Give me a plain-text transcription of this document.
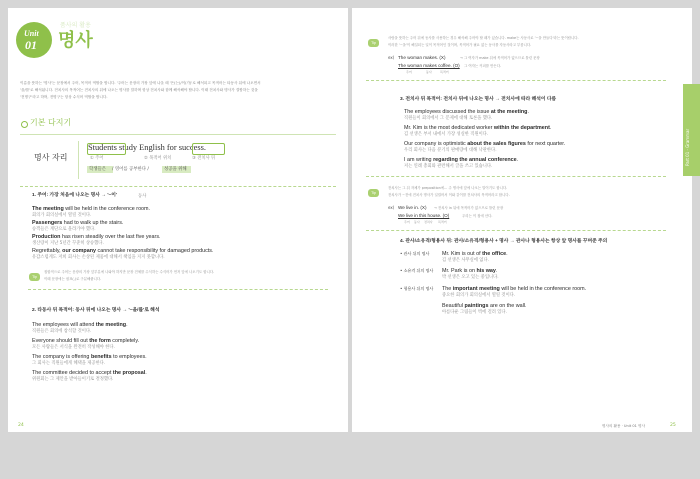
Unit
01
품사의 활용
명사
이름을 뜻하는 '명사'는 문장에서 주어, 목적어 역할을 합니다. '주어는 문장의 가장 앞에 나올 때 '은(는)/이(가)'로 해석되고 목적어는 타동사 뒤에 나오면서
'을/를'로 해석됩니다. 전치사의 목적어는 전치사의 뒤에 나오는 명사를 말하며 항상 전치사와 함께 해석해야 합니다. 이때 전치사와 명사가 결합하는 것을
'전명구'라고 하며, 전명구는 항상 수식어 역할을 합니다.
기본 다지기
명사 자리
Students study English for success.
① 주어	② 목적어 위치	③ 전치사 뒤
학생들은 / 영어를 공부한다 /	성공을 위해
1. 주어: 가장 처음에 나오는 명사 → '~이'	동사
The meeting will be held in the conference room.
회의가 회의실에서 열릴 것이다.
Passengers had to walk up the stairs.
승객들은 계단으로 올라가야 했다.
Production has risen steadily over the last five years.
생산량이 지난 5년간 꾸준히 상승했다.
Regrettably, our company cannot take responsibility for damaged products.
유감스럽게도 저희 회사는 손상된 제품에 대해서 책임을 지지 못합니다.
Tip
집합적으로 주어는 문장의 가장 앞부분에 나와야 하지만 문장 전체를 수식하는 수식어가 먼저 앞에 나오기도 합니다.
이때 문장에는 쉼표(,)로 구분해줍니다.
2. 타동사 뒤 목적어: 동사 뒤에 나오는 명사 → '~을/를'로 해석
The employees will attend the meeting.
직원들은 회의에 참석할 것이다.
Everyone should fill out the form completely.
모든 사람들은 서식을 완전히 작성해야 한다.
The company is offering benefits to employees.
그 회사는 직원들에게 혜택을 제공한다.
The committee decided to accept the proposal.
위원회는 그 제안을 받아들이기로 결정했다.
24
Tip
사람을 뜻하는 주어 뒤에 동사를 사용하는 경우 해석해 주어야 할 때가 있습니다. make는 사동사로 '~을 만들다'라는 뜻이랍니다.
이러한 '~을'이 해설되는 일이 목적어인 것이며, 목적어가 필요 없는 동사를 자동사라고 부릅니다.
ex) The woman makes. (X)	→ 그 여자가 make 뒤에 목적어가 없으므로 틀린 문장
The woman makes coffee. (O) 그 여자는 커피를 만든다.
주어	동사	목적어
3. 전치사 뒤 목적어: 전치사 뒤에 나오는 명사 → 전치사에 따라 해석이 다름
The employees discussed the issue at the meeting.
직원들이 회의에서 그 문제에 대해 토론을 했다.
Mr. Kim is the most dedicated worker within the department.
김 선생은 부서 내에서 가장 성실한 직원이다.
Our company is optimistic about the sales figures for next quarter.
우리 회사는 다음 분기의 판매량에 대해 낙관한다.
I am writing regarding the annual conference.
저는 연례 총회와 관련해서 글을 쓰고 있습니다.
Tip
전치사는 그 뒤 자체가 preposition에... 주 명사에 앞에 나오는 말이기도 합니다.
전치사가 ~전에 전치사 명사가 일컬어서 이와 같이를 전치사의 목적어라고 합니다.
ex) We live in. (X) → 전치사 in 뒤에 목적어가 없으므로 틀린 문장
We live in this house. (O)	우리는 이 집에 산다.
주어 동사 전치사 목적어
4. 관사/소유격/형용사 뒤: 관사/소유격/형용사 + 명사 → 관사나 형용사는 항상 앞 명사를 꾸며준 주의
• 관사 뒤의 명사 Mr. Kim is out of the office.
김 선생은 사무실에 없다.
• 소유격 뒤의 명사 Mr. Park is on his way.
박 선생은 오고 있는 중입니다.
• 형용사 뒤의 명사 The important meeting will be held in the conference room.
중요한 회의가 회의실에서 열릴 것이다.
Beautiful paintings are on the wall.
아름다운 그림들이 벽에 걸려 있다.
명사의 활용 · Unit 01 명사	25
Part 01 · Grammar
